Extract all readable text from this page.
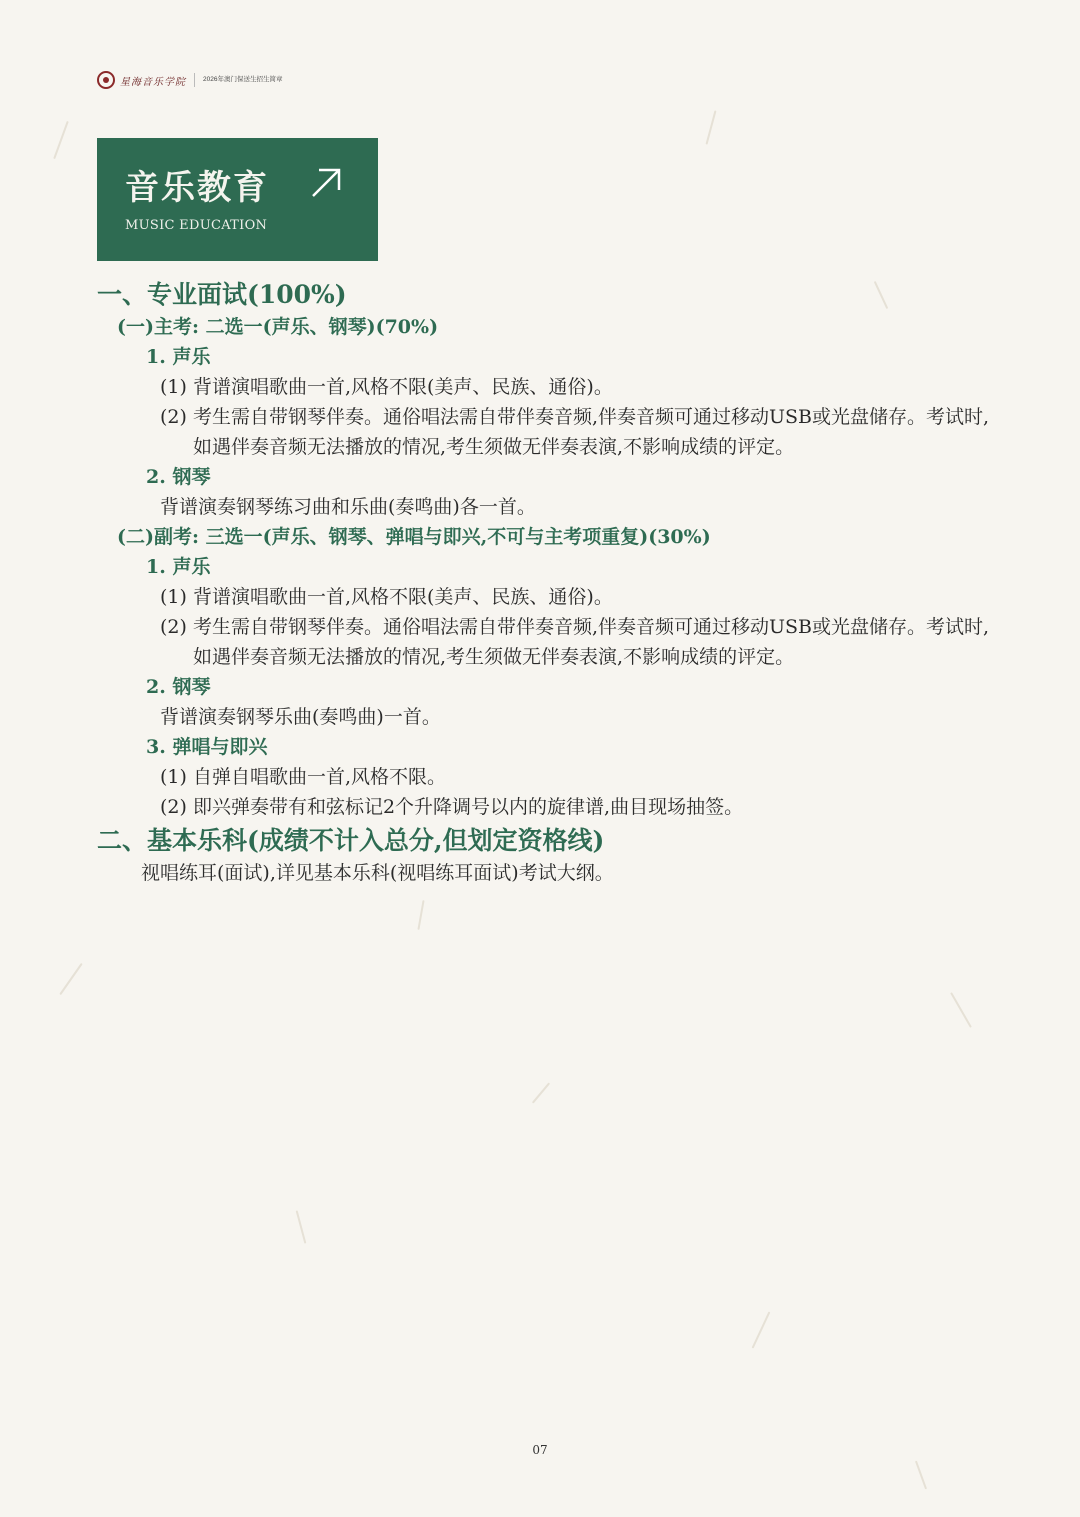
星海音乐学院	2026年澳门保送生招生简章
音乐教育
MUSIC EDUCATION
一、专业面试(100%)
(一)主考: 二选一(声乐、钢琴)(70%)
1. 声乐
(1) 背谱演唱歌曲一首,风格不限(美声、民族、通俗)。
(2) 考生需自带钢琴伴奏。通俗唱法需自带伴奏音频,伴奏音频可通过移动USB或光盘储存。考试时,如遇伴奏音频无法播放的情况,考生须做无伴奏表演,不影响成绩的评定。
2. 钢琴
背谱演奏钢琴练习曲和乐曲(奏鸣曲)各一首。
(二)副考: 三选一(声乐、钢琴、弹唱与即兴,不可与主考项重复)(30%)
1. 声乐
(1) 背谱演唱歌曲一首,风格不限(美声、民族、通俗)。
(2) 考生需自带钢琴伴奏。通俗唱法需自带伴奏音频,伴奏音频可通过移动USB或光盘储存。考试时,如遇伴奏音频无法播放的情况,考生须做无伴奏表演,不影响成绩的评定。
2. 钢琴
背谱演奏钢琴乐曲(奏鸣曲)一首。
3. 弹唱与即兴
(1) 自弹自唱歌曲一首,风格不限。
(2) 即兴弹奏带有和弦标记2个升降调号以内的旋律谱,曲目现场抽签。
二、基本乐科(成绩不计入总分,但划定资格线)
视唱练耳(面试),详见基本乐科(视唱练耳面试)考试大纲。
07
